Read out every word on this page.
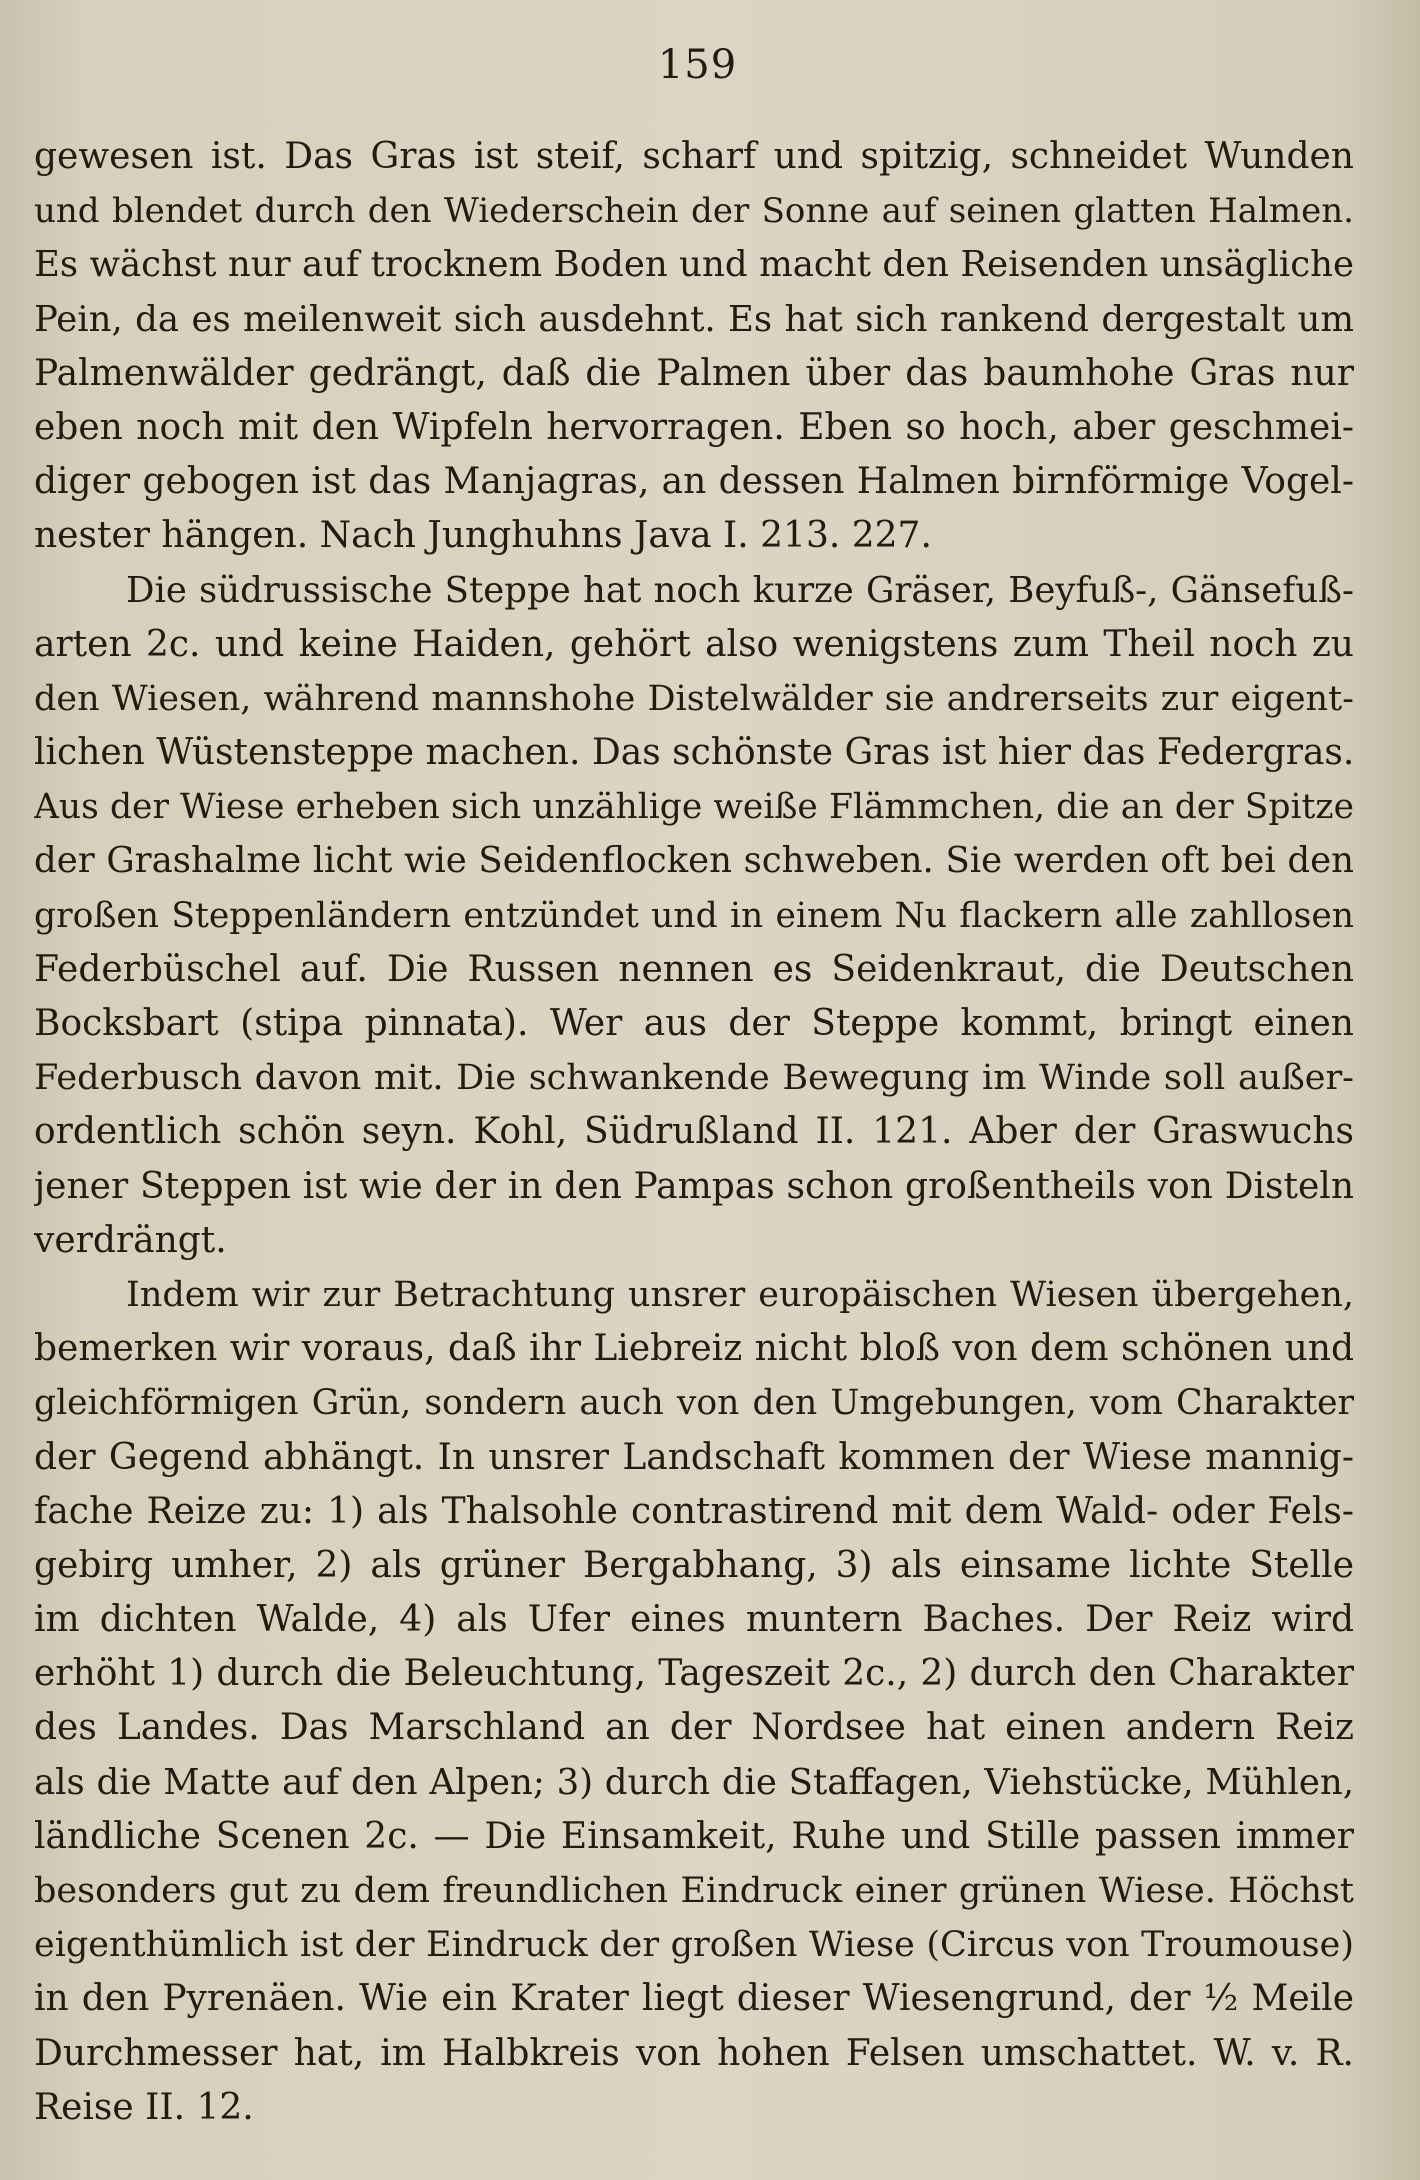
159
gewesen ist. Das Gras ist steif, scharf und spitzig, schneidet Wunden
und blendet durch den Wiederschein der Sonne auf seinen glatten Halmen.
Es wächst nur auf trocknem Boden und macht den Reisenden unsägliche
Pein, da es meilenweit sich ausdehnt. Es hat sich rankend dergestalt um
Palmenwälder gedrängt, daß die Palmen über das baumhohe Gras nur
eben noch mit den Wipfeln hervorragen. Eben so hoch, aber geschmei-
diger gebogen ist das Manjagras, an dessen Halmen birnförmige Vogel-
nester hängen. Nach Junghuhns Java I. 213. 227.
Die südrussische Steppe hat noch kurze Gräser, Beyfuß-, Gänsefuß-
arten 2c. und keine Haiden, gehört also wenigstens zum Theil noch zu
den Wiesen, während mannshohe Distelwälder sie andrerseits zur eigent-
lichen Wüstensteppe machen. Das schönste Gras ist hier das Federgras.
Aus der Wiese erheben sich unzählige weiße Flämmchen, die an der Spitze
der Grashalme licht wie Seidenflocken schweben. Sie werden oft bei den
großen Steppenländern entzündet und in einem Nu flackern alle zahllosen
Federbüschel auf. Die Russen nennen es Seidenkraut, die Deutschen
Bocksbart (stipa pinnata). Wer aus der Steppe kommt, bringt einen
Federbusch davon mit. Die schwankende Bewegung im Winde soll außer-
ordentlich schön seyn. Kohl, Südrußland II. 121. Aber der Graswuchs
jener Steppen ist wie der in den Pampas schon großentheils von Disteln
verdrängt.
Indem wir zur Betrachtung unsrer europäischen Wiesen übergehen,
bemerken wir voraus, daß ihr Liebreiz nicht bloß von dem schönen und
gleichförmigen Grün, sondern auch von den Umgebungen, vom Charakter
der Gegend abhängt. In unsrer Landschaft kommen der Wiese mannig-
fache Reize zu: 1) als Thalsohle contrastirend mit dem Wald- oder Fels-
gebirg umher, 2) als grüner Bergabhang, 3) als einsame lichte Stelle
im dichten Walde, 4) als Ufer eines muntern Baches. Der Reiz wird
erhöht 1) durch die Beleuchtung, Tageszeit 2c., 2) durch den Charakter
des Landes. Das Marschland an der Nordsee hat einen andern Reiz
als die Matte auf den Alpen; 3) durch die Staffagen, Viehstücke, Mühlen,
ländliche Scenen 2c. — Die Einsamkeit, Ruhe und Stille passen immer
besonders gut zu dem freundlichen Eindruck einer grünen Wiese. Höchst
eigenthümlich ist der Eindruck der großen Wiese (Circus von Troumouse)
in den Pyrenäen. Wie ein Krater liegt dieser Wiesengrund, der ½ Meile
Durchmesser hat, im Halbkreis von hohen Felsen umschattet. W. v. R.
Reise II. 12.
